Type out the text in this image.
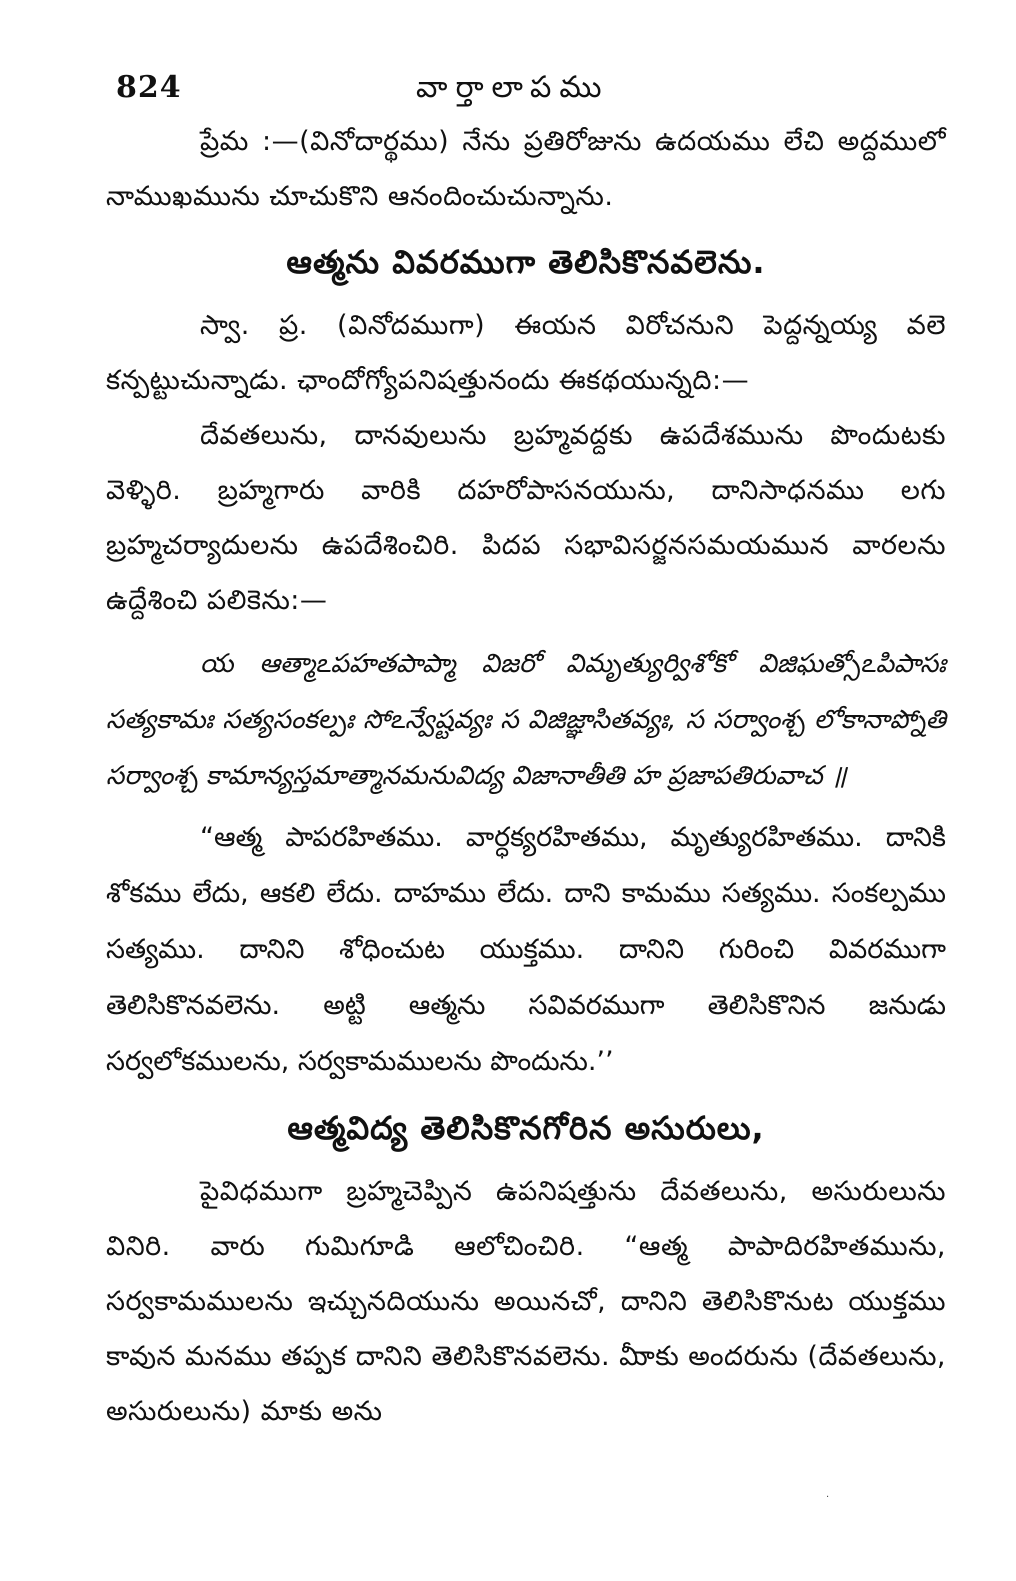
824	వార్తాలాపము

ప్రేమ :—(వినోదార్థము) నేను ప్రతిరోజును ఉదయము లేచి అద్దములో నాముఖమును చూచుకొని ఆనందించుచున్నాను.

ఆత్మను వివరముగా తెలిసికొనవలెను.

స్వా. ప్ర. (వినోదముగా) ఈయన విరోచనుని పెద్దన్నయ్య వలె కన్పట్టుచున్నాడు. ఛాందోగ్యోపనిషత్తునందు ఈకథయున్నది:—

దేవతలును, దానవులును బ్రహ్మవద్దకు ఉపదేశమును పొందుటకు వెళ్ళిరి. బ్రహ్మగారు వారికి దహరోపాసనయును, దానిసాధనము లగు బ్రహ్మచర్యాదులను ఉపదేశించిరి. పిదప సభావిసర్జనసమయమున వారలను ఉద్దేశించి పలికెను:—

య ఆత్మాఽపహతపాప్మా విజరో విమృత్యుర్విశోకో విజిఘత్సోఽపిపాసః సత్యకామః సత్యసంకల్పః సోఽన్వేష్టవ్యః స విజిజ్ఞాసితవ్యః, స సర్వాంశ్చ లోకానాప్నోతి సర్వాంశ్చ కామాన్యస్తమాత్మానమనువిద్య విజానాతీతి హ ప్రజాపతిరువాచ ॥

“ఆత్మ పాపరహితము. వార్ధక్యరహితము, మృత్యురహితము. దానికి శోకము లేదు, ఆకలి లేదు. దాహము లేదు. దాని కామము సత్యము. సంకల్పము సత్యము. దానిని శోధించుట యుక్తము. దానిని గురించి వివరముగా తెలిసికొనవలెను. అట్టి ఆత్మను సవివరముగా తెలిసికొనిన జనుడు సర్వలోకములను, సర్వకామములను పొందును.’’

ఆత్మవిద్య తెలిసికొనగోరిన అసురులు,

పైవిధముగా బ్రహ్మచెప్పిన ఉపనిషత్తును దేవతలును, అసురులును వినిరి. వారు గుమిగూడి ఆలోచించిరి. “ఆత్మ పాపాదిరహితమును, సర్వకామములను ఇచ్చునదియును అయినచో, దానిని తెలిసికొనుట యుక్తము కావున మనము తప్పక దానిని తెలిసికొనవలెను. మీాకు అందరును (దేవతలును, అసురులును) మాకు అను

·
